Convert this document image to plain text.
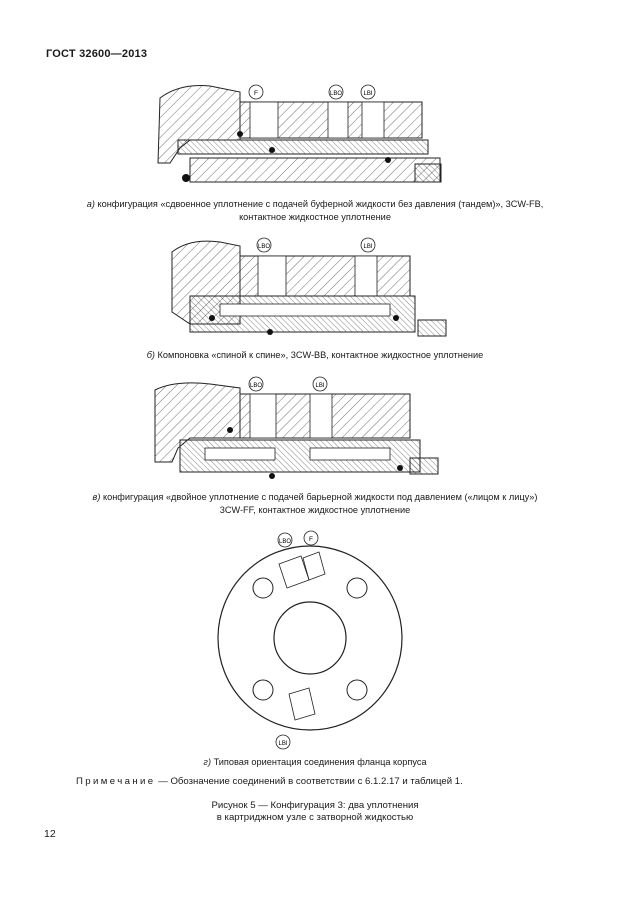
ГОСТ 32600—2013
F	LBO	LBI
а) конфигурация «сдвоенное уплотнение с подачей буферной жидкости без давления (тандем)», 3CW-FB,
контактное жидкостное уплотнение
LBO	LBI
б) Компоновка «спиной к спине», 3CW-BB, контактное жидкостное уплотнение
LBO	LBI
в) конфигурация «двойное уплотнение с подачей барьерной жидкости под давлением («лицом к лицу»)
3CW-FF, контактное жидкостное уплотнение
LBO	F
LBI
г) Типовая ориентация соединения фланца корпуса
Примечание — Обозначение соединений в соответствии с 6.1.2.17 и таблицей 1.
Рисунок 5 — Конфигурация 3: два уплотнения
в картриджном узле с затворной жидкостью
12
